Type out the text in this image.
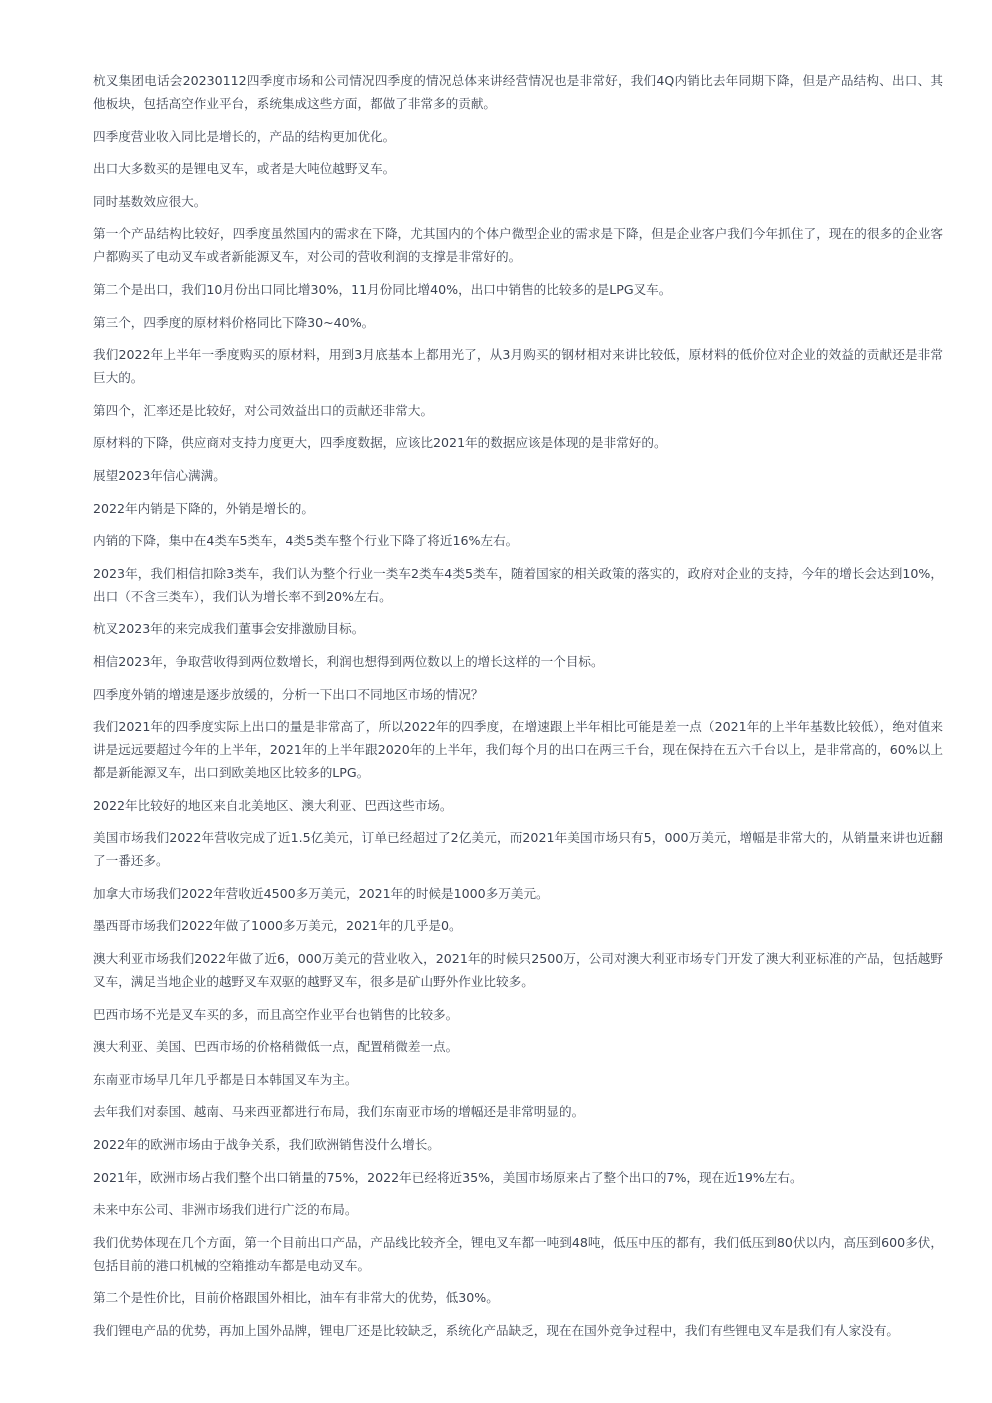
杭叉集团电话会20230112四季度市场和公司情况四季度的情况总体来讲经营情况也是非常好，我们4Q内销比去年同期下降，但是产品结构、出口、其他板块，包括高空作业平台，系统集成这些方面，都做了非常多的贡献。

四季度营业收入同比是增长的，产品的结构更加优化。

出口大多数买的是锂电叉车，或者是大吨位越野叉车。

同时基数效应很大。

第一个产品结构比较好，四季度虽然国内的需求在下降，尤其国内的个体户微型企业的需求是下降，但是企业客户我们今年抓住了，现在的很多的企业客户都购买了电动叉车或者新能源叉车，对公司的营收利润的支撑是非常好的。

第二个是出口，我们10月份出口同比增30%，11月份同比增40%，出口中销售的比较多的是LPG叉车。

第三个，四季度的原材料价格同比下降30~40%。

我们2022年上半年一季度购买的原材料，用到3月底基本上都用光了，从3月购买的钢材相对来讲比较低，原材料的低价位对企业的效益的贡献还是非常巨大的。

第四个，汇率还是比较好，对公司效益出口的贡献还非常大。

原材料的下降，供应商对支持力度更大，四季度数据，应该比2021年的数据应该是体现的是非常好的。

展望2023年信心满满。

2022年内销是下降的，外销是增长的。

内销的下降，集中在4类车5类车，4类5类车整个行业下降了将近16%左右。

2023年，我们相信扣除3类车，我们认为整个行业一类车2类车4类5类车，随着国家的相关政策的落实的，政府对企业的支持，今年的增长会达到10%，出口（不含三类车），我们认为增长率不到20%左右。

杭叉2023年的来完成我们董事会安排激励目标。

相信2023年，争取营收得到两位数增长，利润也想得到两位数以上的增长这样的一个目标。

四季度外销的增速是逐步放缓的，分析一下出口不同地区市场的情况？

我们2021年的四季度实际上出口的量是非常高了，所以2022年的四季度，在增速跟上半年相比可能是差一点（2021年的上半年基数比较低），绝对值来讲是远远要超过今年的上半年，2021年的上半年跟2020年的上半年，我们每个月的出口在两三千台，现在保持在五六千台以上，是非常高的，60%以上都是新能源叉车，出口到欧美地区比较多的LPG。

2022年比较好的地区来自北美地区、澳大利亚、巴西这些市场。

美国市场我们2022年营收完成了近1.5亿美元，订单已经超过了2亿美元，而2021年美国市场只有5，000万美元，增幅是非常大的，从销量来讲也近翻了一番还多。

加拿大市场我们2022年营收近4500多万美元，2021年的时候是1000多万美元。

墨西哥市场我们2022年做了1000多万美元，2021年的几乎是0。

澳大利亚市场我们2022年做了近6，000万美元的营业收入，2021年的时候只2500万，公司对澳大利亚市场专门开发了澳大利亚标准的产品，包括越野叉车，满足当地企业的越野叉车双驱的越野叉车，很多是矿山野外作业比较多。

巴西市场不光是叉车买的多，而且高空作业平台也销售的比较多。

澳大利亚、美国、巴西市场的价格稍微低一点，配置稍微差一点。

东南亚市场早几年几乎都是日本韩国叉车为主。

去年我们对泰国、越南、马来西亚都进行布局，我们东南亚市场的增幅还是非常明显的。

2022年的欧洲市场由于战争关系，我们欧洲销售没什么增长。

2021年，欧洲市场占我们整个出口销量的75%，2022年已经将近35%，美国市场原来占了整个出口的7%，现在近19%左右。

未来中东公司、非洲市场我们进行广泛的布局。

我们优势体现在几个方面，第一个目前出口产品，产品线比较齐全，锂电叉车都一吨到48吨，低压中压的都有，我们低压到80伏以内，高压到600多伏，包括目前的港口机械的空箱推动车都是电动叉车。

第二个是性价比，目前价格跟国外相比，油车有非常大的优势，低30%。

我们锂电产品的优势，再加上国外品牌，锂电厂还是比较缺乏，系统化产品缺乏，现在在国外竞争过程中，我们有些锂电叉车是我们有人家没有。
